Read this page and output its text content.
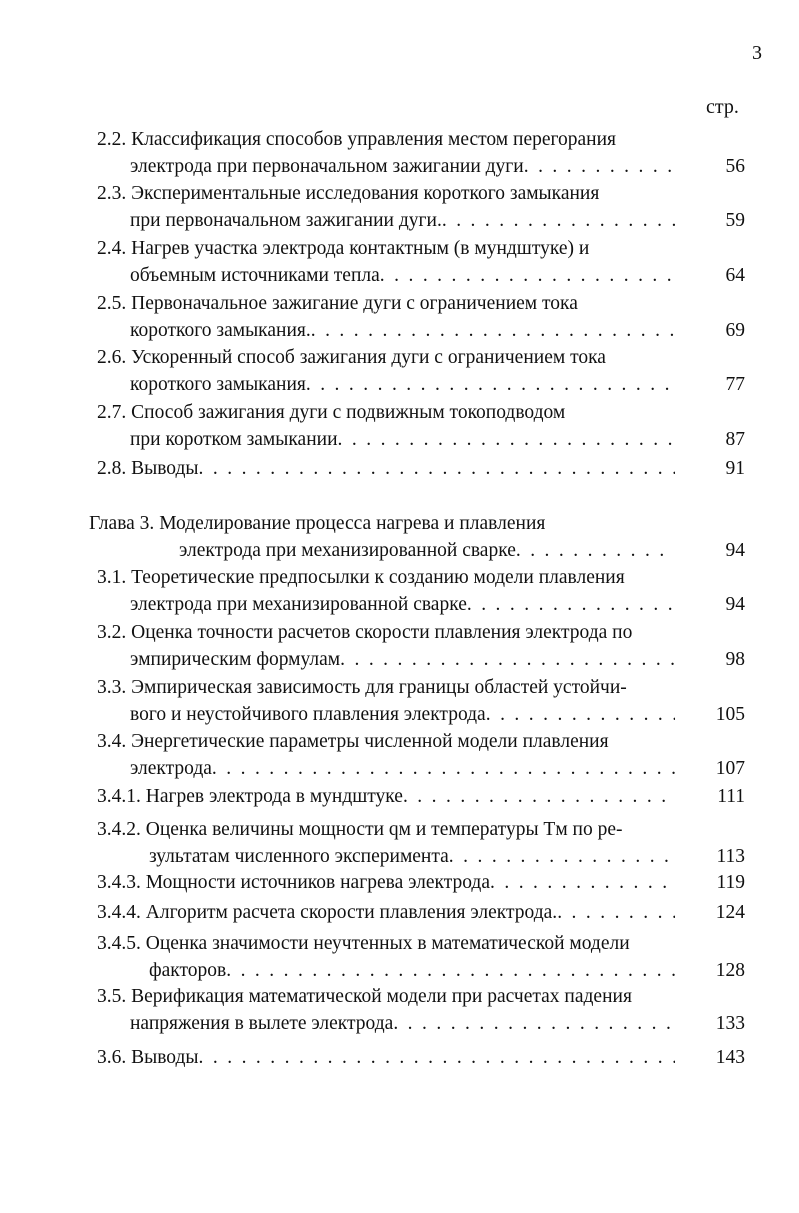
3
стр.
2.2. Классификация способов управления местом перегорания
электрода при первоначальном зажигании дуги . . .	56
2.3. Экспериментальные исследования короткого замыкания
при первоначальном зажигании дуги. . . .	59
2.4. Нагрев участка электрода контактным (в мундштуке) и
объемным источниками тепла . . .	64
2.5. Первоначальное зажигание дуги с ограничением тока
короткого замыкания. . . .	69
2.6. Ускоренный способ зажигания дуги с ограничением тока
короткого замыкания . . .	77
2.7. Способ зажигания дуги с подвижным токоподводом
при коротком замыкании . . .	87
2.8. Выводы . . .	91
Глава 3. Моделирование процесса нагрева и плавления
электрода при механизированной сварке . . .	94
3.1. Теоретические предпосылки к созданию модели плавления
электрода при механизированной сварке . . .	94
3.2. Оценка точности расчетов скорости плавления электрода по
эмпирическим формулам . . .	98
3.3. Эмпирическая зависимость для границы областей устойчи-
вого и неустойчивого плавления электрода . . .	105
3.4. Энергетические параметры численной модели плавления
электрода . . .	107
3.4.1. Нагрев электрода в мундштуке . . .	111
3.4.2. Оценка величины мощности qм и температуры Tм по ре-
зультатам численного эксперимента . . .	113
3.4.3. Мощности источников нагрева электрода . . .	119
3.4.4. Алгоритм расчета скорости плавления электрода. . . .	124
3.4.5. Оценка значимости неучтенных в математической модели
факторов . . .	128
3.5. Верификация математической модели при расчетах падения
напряжения в вылете электрода . . .	133
3.6. Выводы . . .	143
